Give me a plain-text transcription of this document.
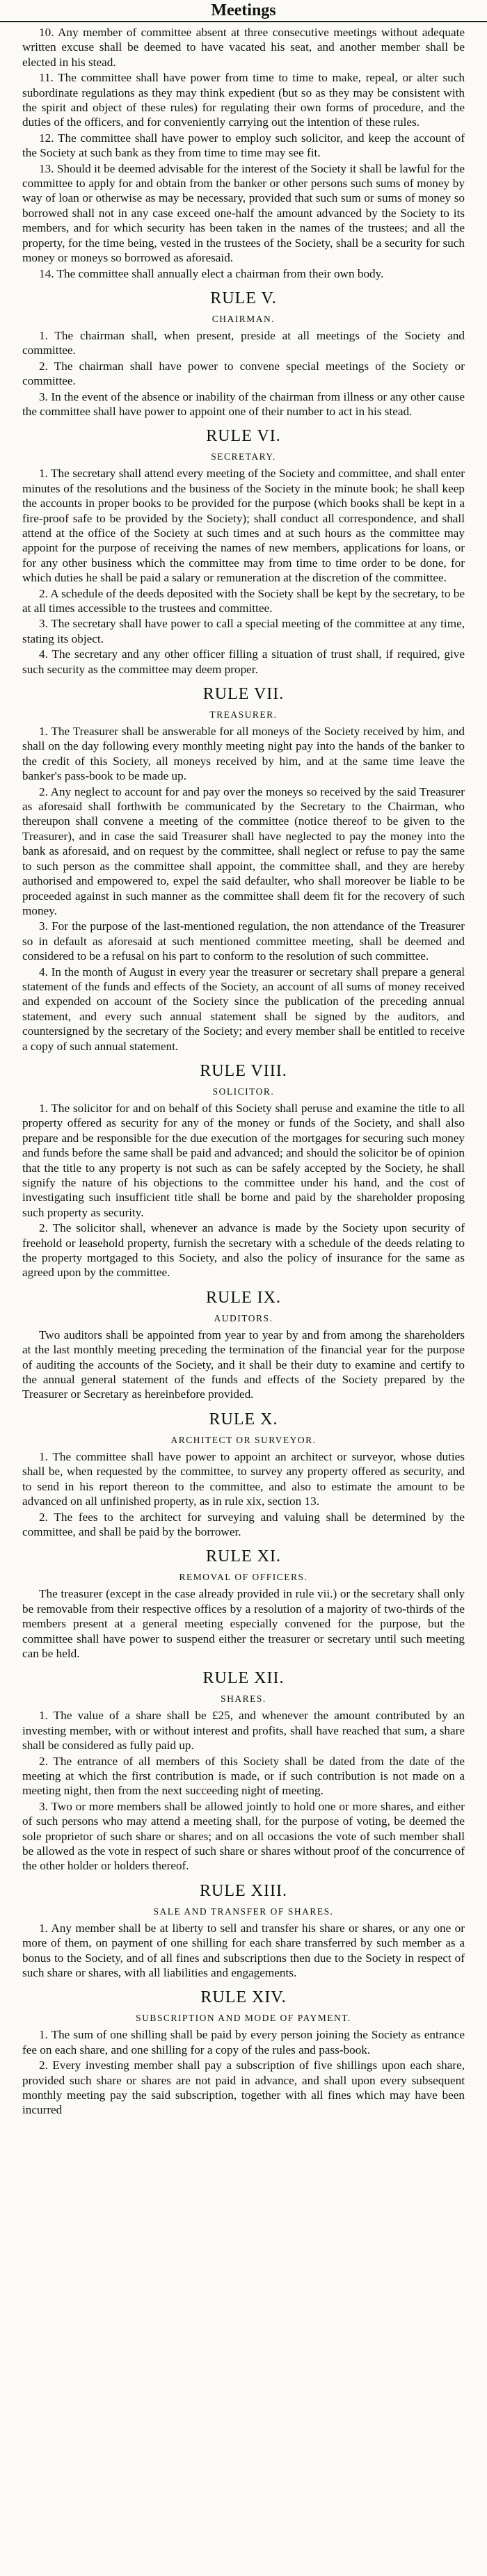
Meetings

10. Any member of committee absent at three consecutive meetings without adequate written excuse shall be deemed to have vacated his seat, and another member shall be elected in his stead.

11. The committee shall have power from time to time to make, repeal, or alter such subordinate regulations as they may think expedient (but so as they may be consistent with the spirit and object of these rules) for regulating their own forms of procedure, and the duties of the officers, and for conveniently carrying out the intention of these rules.

12. The committee shall have power to employ such solicitor, and keep the account of the Society at such bank as they from time to time may see fit.

13. Should it be deemed advisable for the interest of the Society it shall be lawful for the committee to apply for and obtain from the banker or other persons such sums of money by way of loan or otherwise as may be necessary, provided that such sum or sums of money so borrowed shall not in any case exceed one-half the amount advanced by the Society to its members, and for which security has been taken in the names of the trustees; and all the property, for the time being, vested in the trustees of the Society, shall be a security for such money or moneys so borrowed as aforesaid.

14. The committee shall annually elect a chairman from their own body.

RULE V.
CHAIRMAN.

1. The chairman shall, when present, preside at all meetings of the Society and committee.

2. The chairman shall have power to convene special meetings of the Society or committee.

3. In the event of the absence or inability of the chairman from illness or any other cause the committee shall have power to appoint one of their number to act in his stead.

RULE VI.
SECRETARY.

1. The secretary shall attend every meeting of the Society and committee, and shall enter minutes of the resolutions and the business of the Society in the minute book; he shall keep the accounts in proper books to be provided for the purpose (which books shall be kept in a fire-proof safe to be provided by the Society); shall conduct all correspondence, and shall attend at the office of the Society at such times and at such hours as the committee may appoint for the purpose of receiving the names of new members, applications for loans, or for any other business which the committee may from time to time order to be done, for which duties he shall be paid a salary or remuneration at the discretion of the committee.

2. A schedule of the deeds deposited with the Society shall be kept by the secretary, to be at all times accessible to the trustees and committee.

3. The secretary shall have power to call a special meeting of the committee at any time, stating its object.

4. The secretary and any other officer filling a situation of trust shall, if required, give such security as the committee may deem proper.

RULE VII.
TREASURER.

1. The Treasurer shall be answerable for all moneys of the Society received by him, and shall on the day following every monthly meeting night pay into the hands of the banker to the credit of this Society, all moneys received by him, and at the same time leave the banker's pass-book to be made up.

2. Any neglect to account for and pay over the moneys so received by the said Treasurer as aforesaid shall forthwith be communicated by the Secretary to the Chairman, who thereupon shall convene a meeting of the committee (notice thereof to be given to the Treasurer), and in case the said Treasurer shall have neglected to pay the money into the bank as aforesaid, and on request by the committee, shall neglect or refuse to pay the same to such person as the committee shall appoint, the committee shall, and they are hereby authorised and empowered to, expel the said defaulter, who shall moreover be liable to be proceeded against in such manner as the committee shall deem fit for the recovery of such money.

3. For the purpose of the last-mentioned regulation, the non attendance of the Treasurer so in default as aforesaid at such mentioned committee meeting, shall be deemed and considered to be a refusal on his part to conform to the resolution of such committee.

4. In the month of August in every year the treasurer or secretary shall prepare a general statement of the funds and effects of the Society, an account of all sums of money received and expended on account of the Society since the publication of the preceding annual statement, and every such annual statement shall be signed by the auditors, and countersigned by the secretary of the Society; and every member shall be entitled to receive a copy of such annual statement.

RULE VIII.
SOLICITOR.

1. The solicitor for and on behalf of this Society shall peruse and examine the title to all property offered as security for any of the money or funds of the Society, and shall also prepare and be responsible for the due execution of the mortgages for securing such money and funds before the same shall be paid and advanced; and should the solicitor be of opinion that the title to any property is not such as can be safely accepted by the Society, he shall signify the nature of his objections to the committee under his hand, and the cost of investigating such insufficient title shall be borne and paid by the shareholder proposing such property as security.

2. The solicitor shall, whenever an advance is made by the Society upon security of freehold or leasehold property, furnish the secretary with a schedule of the deeds relating to the property mortgaged to this Society, and also the policy of insurance for the same as agreed upon by the committee.

RULE IX.
AUDITORS.

Two auditors shall be appointed from year to year by and from among the shareholders at the last monthly meeting preceding the termination of the financial year for the purpose of auditing the accounts of the Society, and it shall be their duty to examine and certify to the annual general statement of the funds and effects of the Society prepared by the Treasurer or Secretary as hereinbefore provided.

RULE X.
ARCHITECT OR SURVEYOR.

1. The committee shall have power to appoint an architect or surveyor, whose duties shall be, when requested by the committee, to survey any property offered as security, and to send in his report thereon to the committee, and also to estimate the amount to be advanced on all unfinished property, as in rule xix, section 13.

2. The fees to the architect for surveying and valuing shall be determined by the committee, and shall be paid by the borrower.

RULE XI.
REMOVAL OF OFFICERS.

The treasurer (except in the case already provided in rule vii.) or the secretary shall only be removable from their respective offices by a resolution of a majority of two-thirds of the members present at a general meeting especially convened for the purpose, but the committee shall have power to suspend either the treasurer or secretary until such meeting can be held.

RULE XII.
SHARES.

1. The value of a share shall be £25, and whenever the amount contributed by an investing member, with or without interest and profits, shall have reached that sum, a share shall be considered as fully paid up.

2. The entrance of all members of this Society shall be dated from the date of the meeting at which the first contribution is made, or if such contribution is not made on a meeting night, then from the next succeeding night of meeting.

3. Two or more members shall be allowed jointly to hold one or more shares, and either of such persons who may attend a meeting shall, for the purpose of voting, be deemed the sole proprietor of such share or shares; and on all occasions the vote of such member shall be allowed as the vote in respect of such share or shares without proof of the concurrence of the other holder or holders thereof.

RULE XIII.
SALE AND TRANSFER OF SHARES.

1. Any member shall be at liberty to sell and transfer his share or shares, or any one or more of them, on payment of one shilling for each share transferred by such member as a bonus to the Society, and of all fines and subscriptions then due to the Society in respect of such share or shares, with all liabilities and engagements.

RULE XIV.
SUBSCRIPTION AND MODE OF PAYMENT.

1. The sum of one shilling shall be paid by every person joining the Society as entrance fee on each share, and one shilling for a copy of the rules and pass-book.

2. Every investing member shall pay a subscription of five shillings upon each share, provided such share or shares are not paid in advance, and shall upon every subsequent monthly meeting pay the said subscription, together with all fines which may have been incurred
